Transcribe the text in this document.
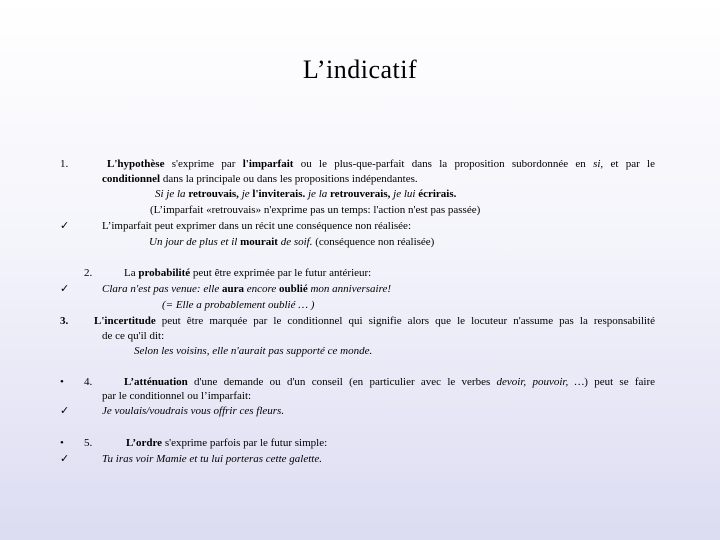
L’indicatif
1.	L'hypothèse s'exprime par l'imparfait ou le plus-que-parfait dans la proposition subordonnée en si, et par le
conditionnel dans la principale ou dans les propositions indépendantes.
Si je la retrouvais, je l'inviterais. je la retrouverais, je lui écrirais.
(L’imparfait «retrouvais» n'exprime pas un temps: l'action n'est pas passée)
✓	L’imparfait peut exprimer dans un récit une conséquence non réalisée:
Un jour de plus et il mourait de soif. (conséquence non réalisée)
2.	La probabilité peut être exprimée par le futur antérieur:
✓	Clara n'est pas venue: elle aura encore oublié mon anniversaire!
(= Elle a probablement oublié … )
3. L'incertitude peut être marquée par le conditionnel qui signifie alors que le locuteur n'assume pas la responsabilité
de ce qu'il dit:
Selon les voisins, elle n'aurait pas supporté ce monde.
• 4.	L’atténuation d'une demande ou d'un conseil (en particulier avec le verbes devoir, pouvoir, …) peut se faire
par le conditionnel ou l’imparfait:
✓	Je voulais/voudrais vous offrir ces fleurs.
• 5.	L’ordre s'exprime parfois par le futur simple:
✓	Tu iras voir Mamie et tu lui porteras cette galette.
